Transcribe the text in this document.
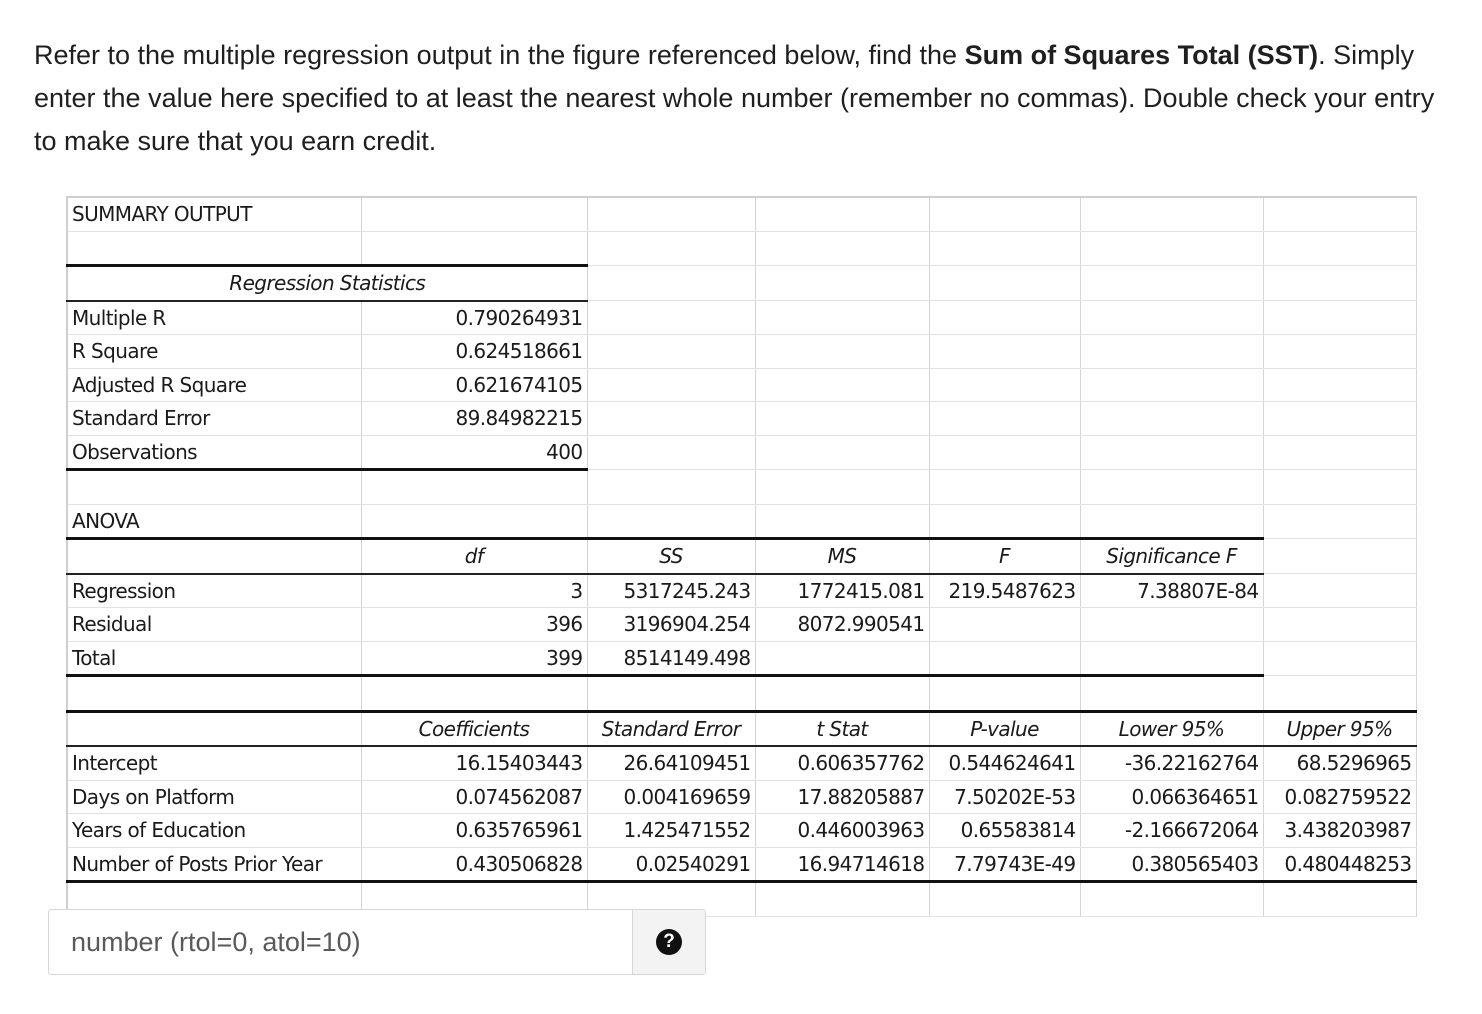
Refer to the multiple regression output in the figure referenced below, find the Sum of Squares Total (SST). Simply enter the value here specified to at least the nearest whole number (remember no commas). Double check your entry to make sure that you earn credit.
SUMMARY OUTPUT						

Regression Statistics						
Multiple R	0.790264931					
R Square	0.624518661					
Adjusted R Square	0.621674105					
Standard Error	89.84982215					
Observations	400					

ANOVA						
	df	SS	MS	F	Significance F	
Regression	3	5317245.243	1772415.081	219.5487623	7.38807E-84	
Residual	396	3196904.254	8072.990541			
Total	399	8514149.498				

	Coefficients	Standard Error	t Stat	P-value	Lower 95%	Upper 95%
Intercept	16.15403443	26.64109451	0.606357762	0.544624641	-36.22162764	68.5296965
Days on Platform	0.074562087	0.004169659	17.88205887	7.50202E-53	0.066364651	0.082759522
Years of Education	0.635765961	1.425471552	0.446003963	0.65583814	-2.166672064	3.438203987
Number of Posts Prior Year	0.430506828	0.02540291	16.94714618	7.79743E-49	0.380565403	0.480448253

number (rtol=0, atol=10)
?
